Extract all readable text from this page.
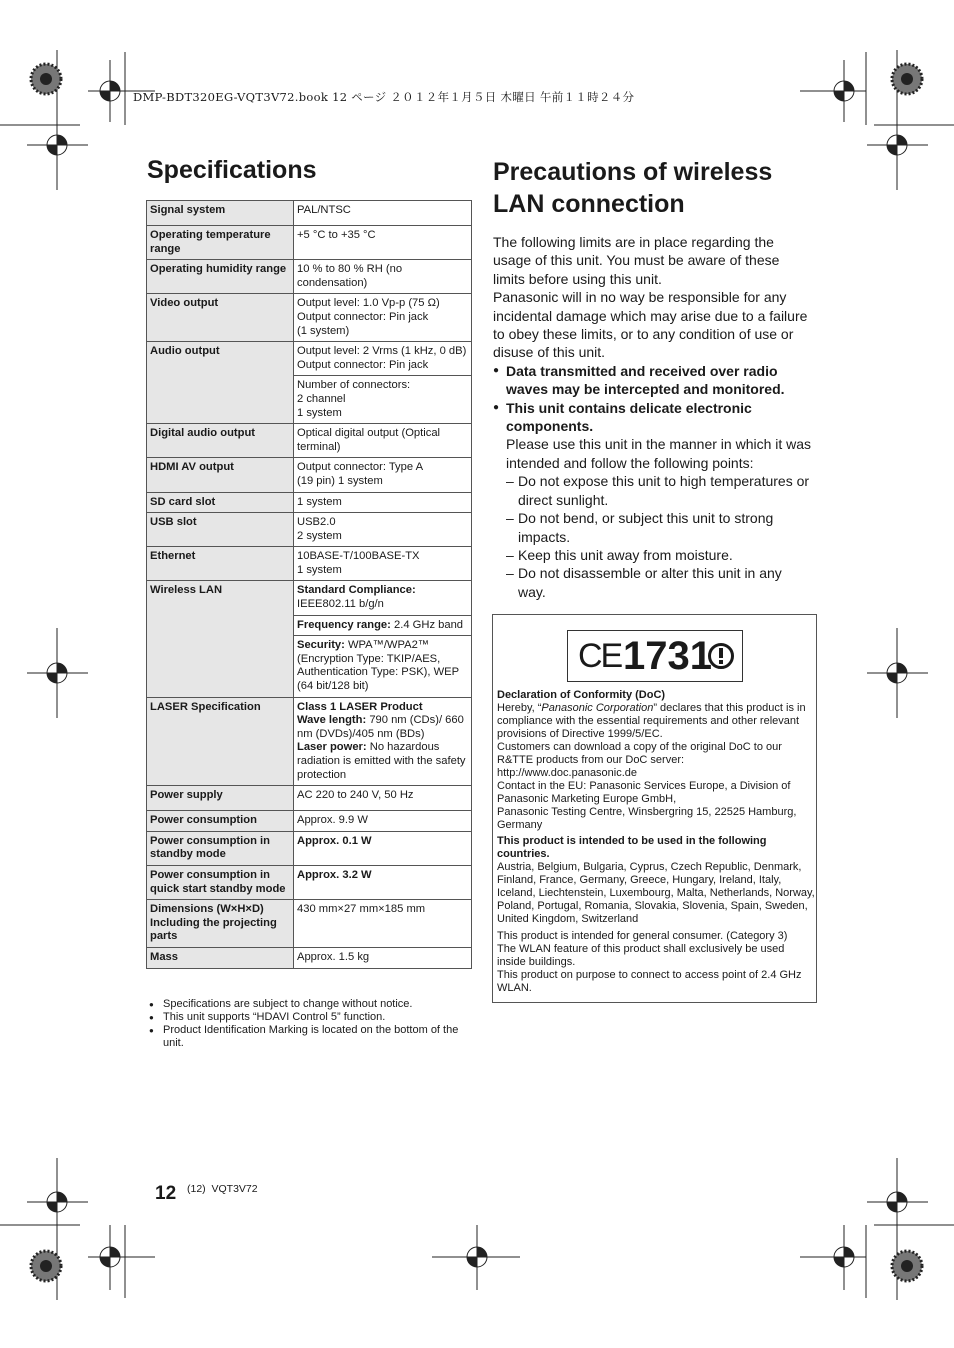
DMP-BDT320EG-VQT3V72.book 12 ページ ２０１２年１月５日 木曜日 午前１１時２４分
Specifications
Signal system	PAL/NTSC
Operating temperature range	+5 °C to +35 °C
Operating humidity range	10 % to 80 % RH (no condensation)
Video output	Output level: 1.0 Vp-p (75 Ω)
Output connector: Pin jack
(1 system)
Audio output	Output level: 2 Vrms (1 kHz, 0 dB)
Output connector: Pin jack
	Number of connectors:
2 channel
1 system
Digital audio output	Optical digital output (Optical terminal)
HDMI AV output	Output connector: Type A
(19 pin) 1 system
SD card slot	1 system
USB slot	USB2.0
2 system
Ethernet	10BASE-T/100BASE-TX
1 system
Wireless LAN	Standard Compliance:
IEEE802.11 b/g/n
	Frequency range: 2.4 GHz band
	Security: WPA™/WPA2™
(Encryption Type: TKIP/AES, Authentication Type: PSK), WEP (64 bit/128 bit)
LASER Specification	Class 1 LASER Product
Wave length: 790 nm (CDs)/ 660 nm (DVDs)/405 nm (BDs)
Laser power: No hazardous radiation is emitted with the safety protection
Power supply	AC 220 to 240 V, 50 Hz
Power consumption	Approx. 9.9 W
Power consumption in standby mode	Approx. 0.1 W
Power consumption in quick start standby mode	Approx. 3.2 W
Dimensions (W×H×D) Including the projecting parts	430 mm×27 mm×185 mm
Mass	Approx. 1.5 kg
● Specifications are subject to change without notice.
● This unit supports “HDAVI Control 5” function.
● Product Identification Marking is located on the bottom of the unit.
Precautions of wireless LAN connection

The following limits are in place regarding the usage of this unit. You must be aware of these limits before using this unit.

Panasonic will in no way be responsible for any incidental damage which may arise due to a failure to obey these limits, or to any condition of use or disuse of this unit.

● Data transmitted and received over radio waves may be intercepted and monitored.
● This unit contains delicate electronic components.
Please use this unit in the manner in which it was intended and follow the following points:
– Do not expose this unit to high temperatures or direct sunlight.
– Do not bend, or subject this unit to strong impacts.
– Keep this unit away from moisture.
– Do not disassemble or alter this unit in any way.
CE 1731

Declaration of Conformity (DoC)

Hereby, “Panasonic Corporation” declares that this product is in compliance with the essential requirements and other relevant provisions of Directive 1999/5/EC.

Customers can download a copy of the original DoC to our R&TTE products from our DoC server:

http://www.doc.panasonic.de

Contact in the EU: Panasonic Services Europe, a Division of Panasonic Marketing Europe GmbH,

Panasonic Testing Centre, Winsbergring 15, 22525 Hamburg, Germany

This product is intended to be used in the following countries.

Austria, Belgium, Bulgaria, Cyprus, Czech Republic, Denmark, Finland, France, Germany, Greece, Hungary, Ireland, Italy, Iceland, Liechtenstein, Luxembourg, Malta, Netherlands, Norway, Poland, Portugal, Romania, Slovakia, Slovenia, Spain, Sweden, United Kingdom, Switzerland

This product is intended for general consumer. (Category 3)

The WLAN feature of this product shall exclusively be used inside buildings.

This product on purpose to connect to access point of 2.4 GHz WLAN.

12 (12)  VQT3V72
